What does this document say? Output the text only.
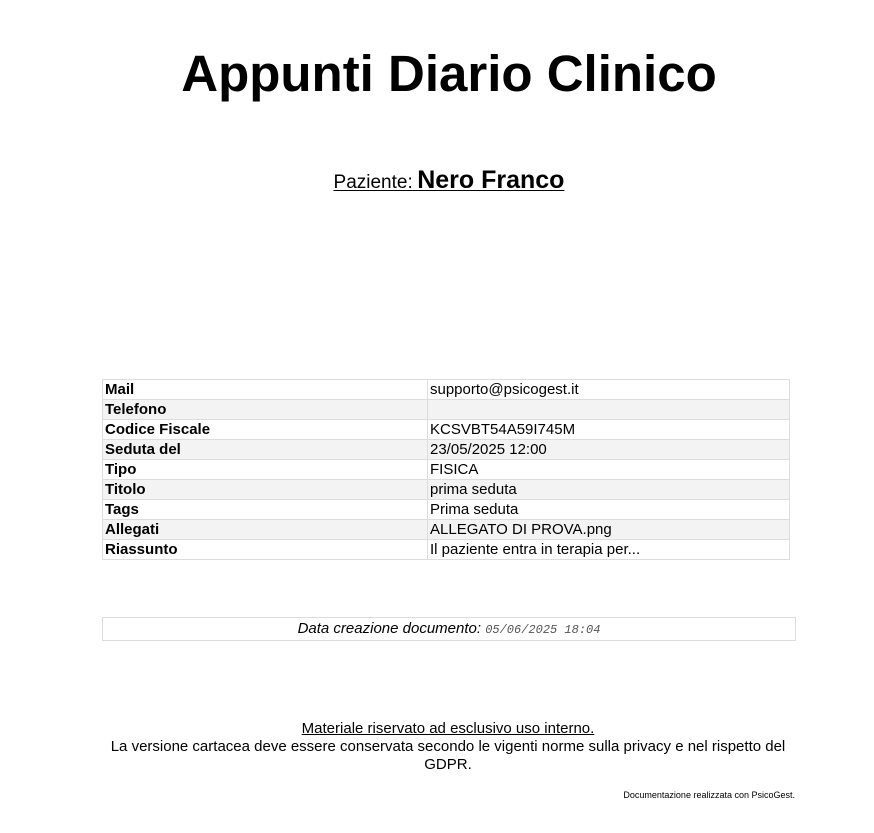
Appunti Diario Clinico
Paziente: Nero Franco
Mail	supporto@psicogest.it
Telefono	
Codice Fiscale	KCSVBT54A59I745M
Seduta del	23/05/2025 12:00
Tipo	FISICA
Titolo	prima seduta
Tags	Prima seduta
Allegati	ALLEGATO DI PROVA.png
Riassunto	Il paziente entra in terapia per...
Data creazione documento: 05/06/2025 18:04
Materiale riservato ad esclusivo uso interno.
La versione cartacea deve essere conservata secondo le vigenti norme sulla privacy e nel rispetto del GDPR.
Documentazione realizzata con PsicoGest.
